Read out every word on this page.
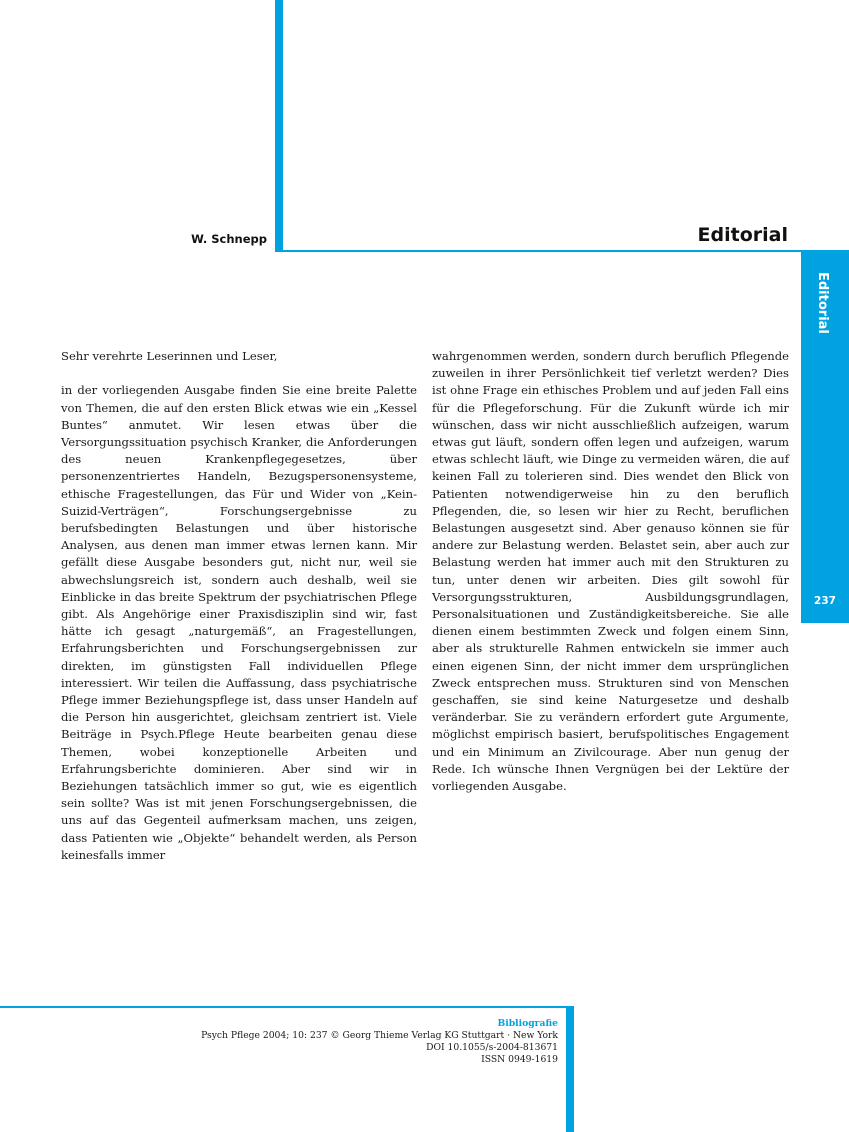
W. Schnepp	Editorial
Editorial
237

Sehr verehrte Leserinnen und Leser,

in der vorliegenden Ausgabe finden Sie eine breite Palette von Themen, die auf den ersten Blick etwas wie ein „Kessel Buntes“ anmutet. Wir lesen etwas über die Versorgungssituation psychisch Kranker, die Anforderungen des neuen Krankenpflegegesetzes, über personenzentriertes Handeln, Bezugspersonensysteme, ethische Fragestellungen, das Für und Wider von „Kein-Suizid-Verträgen“, Forschungsergebnisse zu berufsbedingten Belastungen und über historische Analysen, aus denen man immer etwas lernen kann. Mir gefällt diese Ausgabe besonders gut, nicht nur, weil sie abwechslungsreich ist, sondern auch deshalb, weil sie Einblicke in das breite Spektrum der psychiatrischen Pflege gibt. Als Angehörige einer Praxisdisziplin sind wir, fast hätte ich gesagt „naturgemäß“, an Fragestellungen, Erfahrungsberichten und Forschungsergebnissen zur direkten, im günstigsten Fall individuellen Pflege interessiert. Wir teilen die Auffassung, dass psychiatrische Pflege immer Beziehungspflege ist, dass unser Handeln auf die Person hin ausgerichtet, gleichsam zentriert ist. Viele Beiträge in Psych.Pflege Heute bearbeiten genau diese Themen, wobei konzeptionelle Arbeiten und Erfahrungsberichte dominieren. Aber sind wir in Beziehungen tatsächlich immer so gut, wie es eigentlich sein sollte? Was ist mit jenen Forschungsergebnissen, die uns auf das Gegenteil aufmerksam machen, uns zeigen, dass Patienten wie „Objekte“ behandelt werden, als Person keinesfalls immer

wahrgenommen werden, sondern durch beruflich Pflegende zuweilen in ihrer Persönlichkeit tief verletzt werden? Dies ist ohne Frage ein ethisches Problem und auf jeden Fall eins für die Pflegeforschung. Für die Zukunft würde ich mir wünschen, dass wir nicht ausschließlich aufzeigen, warum etwas gut läuft, sondern offen legen und aufzeigen, warum etwas schlecht läuft, wie Dinge zu vermeiden wären, die auf keinen Fall zu tolerieren sind. Dies wendet den Blick von Patienten notwendigerweise hin zu den beruflich Pflegenden, die, so lesen wir hier zu Recht, beruflichen Belastungen ausgesetzt sind. Aber genauso können sie für andere zur Belastung werden. Belastet sein, aber auch zur Belastung werden hat immer auch mit den Strukturen zu tun, unter denen wir arbeiten. Dies gilt sowohl für Versorgungsstrukturen, Ausbildungsgrundlagen, Personalsituationen und Zuständigkeitsbereiche. Sie alle dienen einem bestimmten Zweck und folgen einem Sinn, aber als strukturelle Rahmen entwickeln sie immer auch einen eigenen Sinn, der nicht immer dem ursprünglichen Zweck entsprechen muss. Strukturen sind von Menschen geschaffen, sie sind keine Naturgesetze und deshalb veränderbar. Sie zu verändern erfordert gute Argumente, möglichst empirisch basiert, berufspolitisches Engagement und ein Minimum an Zivilcourage. Aber nun genug der Rede. Ich wünsche Ihnen Vergnügen bei der Lektüre der vorliegenden Ausgabe.

Bibliografie
Psych Pflege 2004; 10: 237 © Georg Thieme Verlag KG Stuttgart · New York
DOI 10.1055/s-2004-813671
ISSN 0949-1619
